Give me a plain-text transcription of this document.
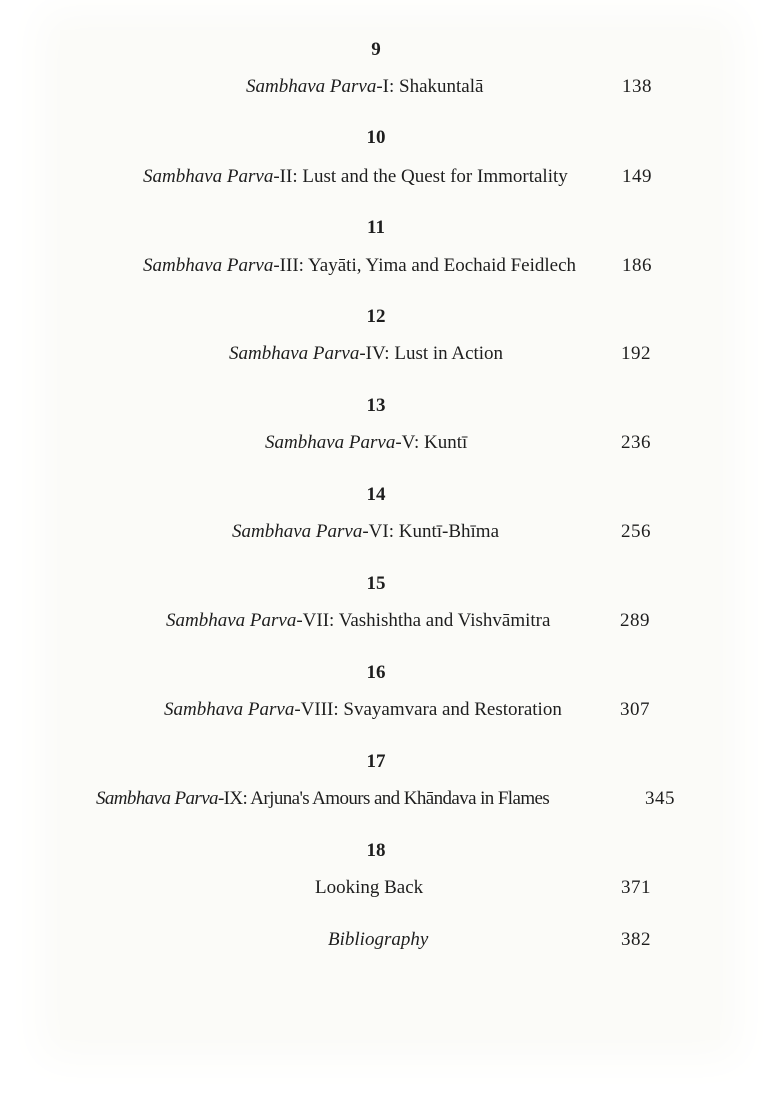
9
Sambhava Parva-I: Shakuntalā	138
10
Sambhava Parva-II: Lust and the Quest for Immortality	149
11
Sambhava Parva-III: Yayāti, Yima and Eochaid Feidlech 186
12
Sambhava Parva-IV: Lust in Action	192
13
Sambhava Parva-V: Kuntī	236
14
Sambhava Parva-VI: Kuntī-Bhīma	256
15
Sambhava Parva-VII: Vashishtha and Vishvāmitra	289
16
Sambhava Parva-VIII: Svayamvara and Restoration	307
17
Sambhava Parva-IX: Arjuna's Amours and Khāndava in Flames	345
18
Looking Back	371
Bibliography	382
